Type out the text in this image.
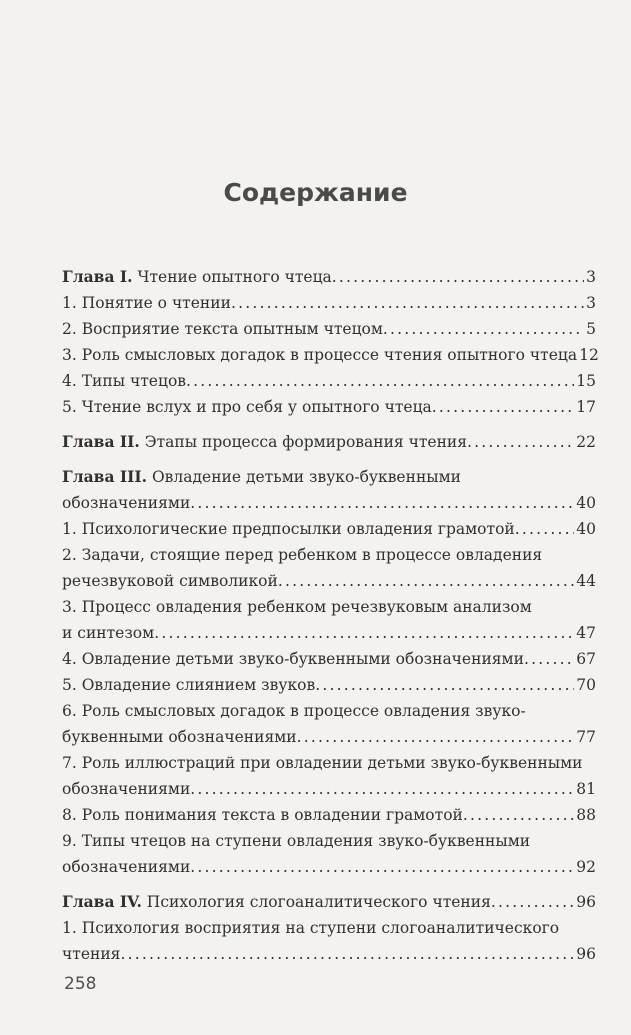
Содержание
Глава I. Чтение опытного чтеца .....	3
1. Понятие о чтении .....	3
2. Восприятие текста опытным чтецом .....	5
3. Роль смысловых догадок в процессе чтения опытного чтеца 12
4. Типы чтецов .....	15
5. Чтение вслух и про себя у опытного чтеца .....	17
Глава II. Этапы процесса формирования чтения .....	22
Глава III. Овладение детьми звуко-буквенными
обозначениями .....	40
1. Психологические предпосылки овладения грамотой .....	40
2. Задачи, стоящие перед ребенком в процессе овладения
речезвуковой символикой .....	44
3. Процесс овладения ребенком речезвуковым анализом
и синтезом .....	47
4. Овладение детьми звуко-буквенными обозначениями .....	67
5. Овладение слиянием звуков .....	70
6. Роль смысловых догадок в процессе овладения звуко-
буквенными обозначениями .....	77
7. Роль иллюстраций при овладении детьми звуко-буквенными
обозначениями .....	81
8. Роль понимания текста в овладении грамотой .....	88
9. Типы чтецов на ступени овладения звуко-буквенными
обозначениями .....	92
Глава IV. Психология слогоаналитического чтения .....	96
1. Психология восприятия на ступени слогоаналитического
чтения .....	96
258
